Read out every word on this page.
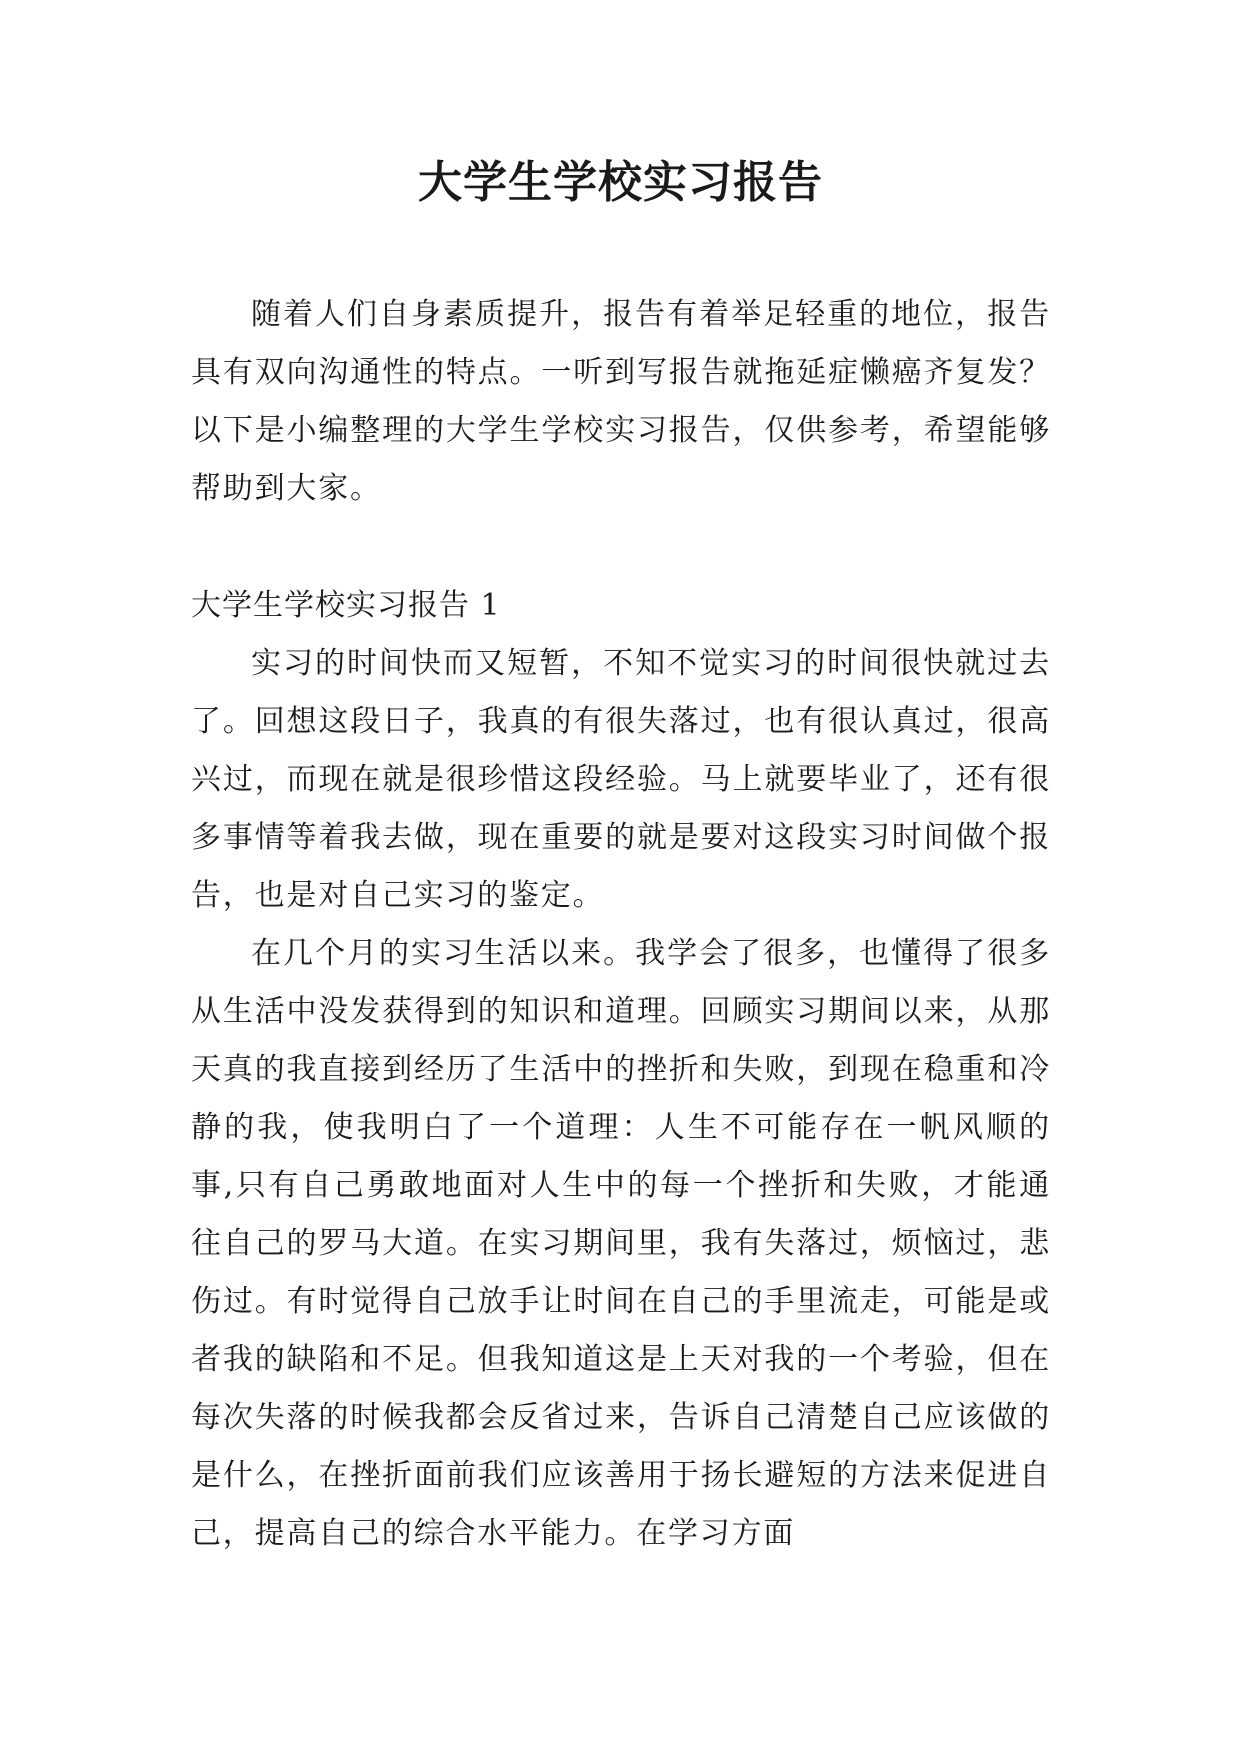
大学生学校实习报告

随着人们自身素质提升，报告有着举足轻重的地位，报告具有双向沟通性的特点。一听到写报告就拖延症懒癌齐复发？以下是小编整理的大学生学校实习报告，仅供参考，希望能够帮助到大家。

大学生学校实习报告 1

实习的时间快而又短暂，不知不觉实习的时间很快就过去了。回想这段日子，我真的有很失落过，也有很认真过，很高兴过，而现在就是很珍惜这段经验。马上就要毕业了，还有很多事情等着我去做，现在重要的就是要对这段实习时间做个报告，也是对自己实习的鉴定。

在几个月的实习生活以来。我学会了很多，也懂得了很多从生活中没发获得到的知识和道理。回顾实习期间以来，从那天真的我直接到经历了生活中的挫折和失败，到现在稳重和冷静的我，使我明白了一个道理：人生不可能存在一帆风顺的事,只有自己勇敢地面对人生中的每一个挫折和失败，才能通往自己的罗马大道。在实习期间里，我有失落过，烦恼过，悲伤过。有时觉得自己放手让时间在自己的手里流走，可能是或者我的缺陷和不足。但我知道这是上天对我的一个考验，但在每次失落的时候我都会反省过来，告诉自己清楚自己应该做的是什么，在挫折面前我们应该善用于扬长避短的方法来促进自己，提高自己的综合水平能力。在学习方面
